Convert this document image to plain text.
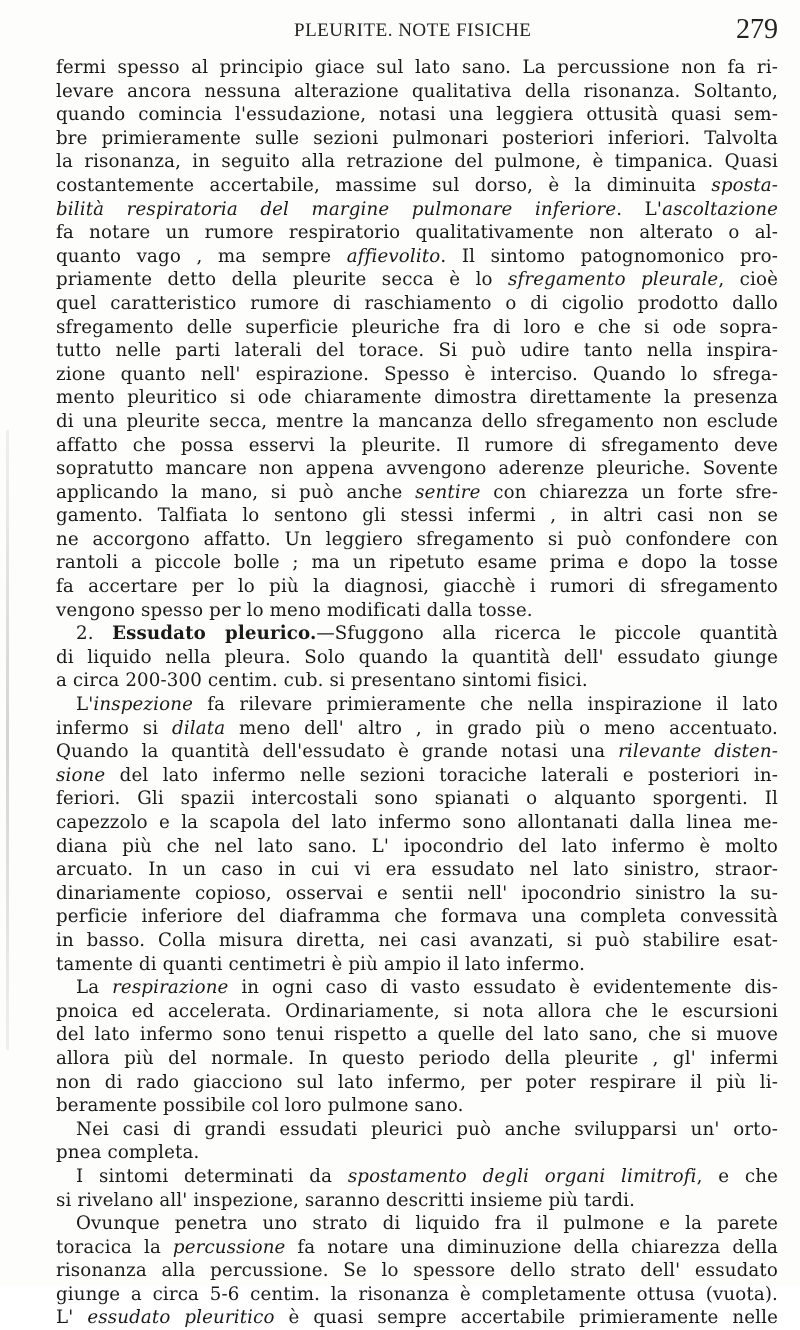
PLEURITE. NOTE FISICHE	279
fermi spesso al principio giace sul lato sano. La percussione non fa ri-
levare ancora nessuna alterazione qualitativa della risonanza. Soltanto,
quando comincia l'essudazione, notasi una leggiera ottusità quasi sem-
bre primieramente sulle sezioni pulmonari posteriori inferiori. Talvolta
la risonanza, in seguito alla retrazione del pulmone, è timpanica. Quasi
costantemente accertabile, massime sul dorso, è la diminuita sposta-
bilità respiratoria del margine pulmonare inferiore. L'ascoltazione
fa notare un rumore respiratorio qualitativamente non alterato o al-
quanto vago , ma sempre affievolito. Il sintomo patognomonico pro-
priamente detto della pleurite secca è lo sfregamento pleurale, cioè
quel caratteristico rumore di raschiamento o di cigolio prodotto dallo
sfregamento delle superficie pleuriche fra di loro e che si ode sopra-
tutto nelle parti laterali del torace. Si può udire tanto nella inspira-
zione quanto nell' espirazione. Spesso è interciso. Quando lo sfrega-
mento pleuritico si ode chiaramente dimostra direttamente la presenza
di una pleurite secca, mentre la mancanza dello sfregamento non esclude
affatto che possa esservi la pleurite. Il rumore di sfregamento deve
sopratutto mancare non appena avvengono aderenze pleuriche. Sovente
applicando la mano, si può anche sentire con chiarezza un forte sfre-
gamento. Talfiata lo sentono gli stessi infermi , in altri casi non se
ne accorgono affatto. Un leggiero sfregamento si può confondere con
rantoli a piccole bolle ; ma un ripetuto esame prima e dopo la tosse
fa accertare per lo più la diagnosi, giacchè i rumori di sfregamento
vengono spesso per lo meno modificati dalla tosse.
2. Essudato pleurico.—Sfuggono alla ricerca le piccole quantità
di liquido nella pleura. Solo quando la quantità dell' essudato giunge
a circa 200-300 centim. cub. si presentano sintomi fisici.
L'inspezione fa rilevare primieramente che nella inspirazione il lato
infermo si dilata meno dell' altro , in grado più o meno accentuato.
Quando la quantità dell'essudato è grande notasi una rilevante disten-
sione del lato infermo nelle sezioni toraciche laterali e posteriori in-
feriori. Gli spazii intercostali sono spianati o alquanto sporgenti. Il
capezzolo e la scapola del lato infermo sono allontanati dalla linea me-
diana più che nel lato sano. L' ipocondrio del lato infermo è molto
arcuato. In un caso in cui vi era essudato nel lato sinistro, straor-
dinariamente copioso, osservai e sentii nell' ipocondrio sinistro la su-
perficie inferiore del diaframma che formava una completa convessità
in basso. Colla misura diretta, nei casi avanzati, si può stabilire esat-
tamente di quanti centimetri è più ampio il lato infermo.
La respirazione in ogni caso di vasto essudato è evidentemente dis-
pnoica ed accelerata. Ordinariamente, si nota allora che le escursioni
del lato infermo sono tenui rispetto a quelle del lato sano, che si muove
allora più del normale. In questo periodo della pleurite , gl' infermi
non di rado giacciono sul lato infermo, per poter respirare il più li-
beramente possibile col loro pulmone sano.
Nei casi di grandi essudati pleurici può anche svilupparsi un' orto-
pnea completa.
I sintomi determinati da spostamento degli organi limitrofi, e che
si rivelano all' inspezione, saranno descritti insieme più tardi.
Ovunque penetra uno strato di liquido fra il pulmone e la parete
toracica la percussione fa notare una diminuzione della chiarezza della
risonanza alla percussione. Se lo spessore dello strato dell' essudato
giunge a circa 5-6 centim. la risonanza è completamente ottusa (vuota).
L' essudato pleuritico è quasi sempre accertabile primieramente nelle
